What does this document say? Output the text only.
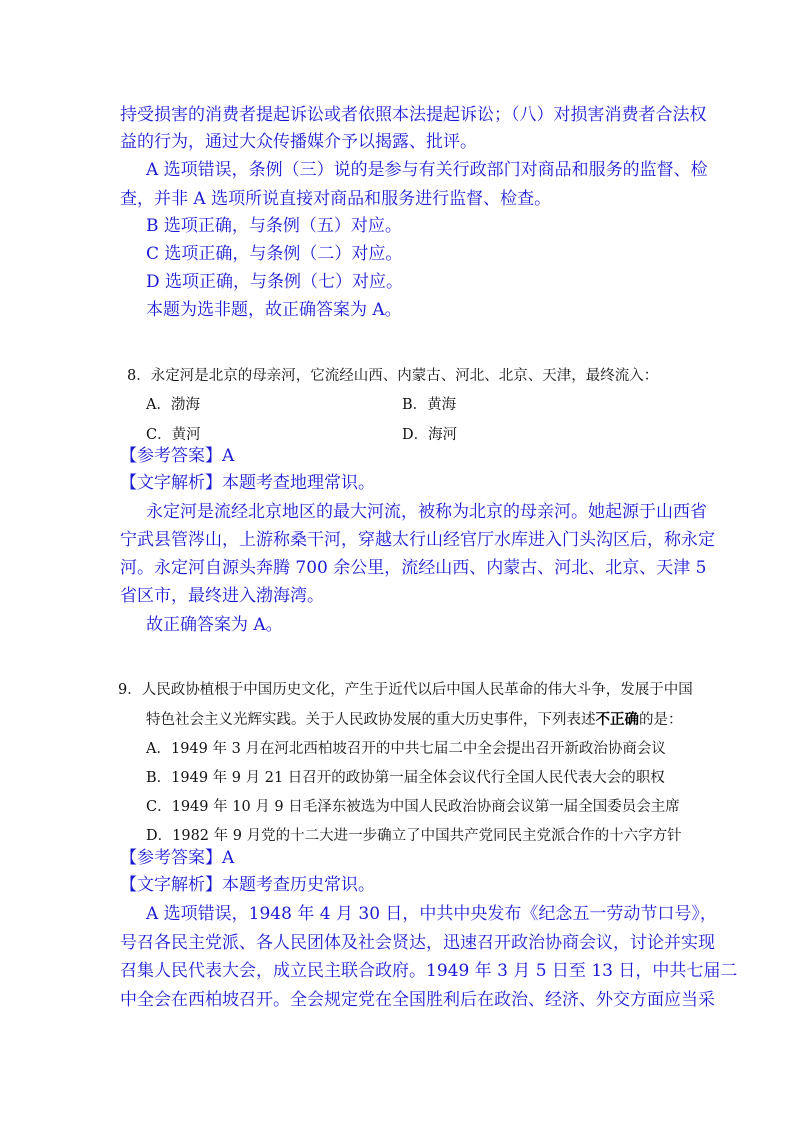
持受损害的消费者提起诉讼或者依照本法提起诉讼；（八）对损害消费者合法权

益的行为，通过大众传播媒介予以揭露、批评。

A 选项错误，条例（三）说的是参与有关行政部门对商品和服务的监督、检

查，并非 A 选项所说直接对商品和服务进行监督、检查。

B 选项正确，与条例（五）对应。

C 选项正确，与条例（二）对应。

D 选项正确，与条例（七）对应。

本题为选非题，故正确答案为 A。

8．永定河是北京的母亲河，它流经山西、内蒙古、河北、北京、天津，最终流入：

A．渤海	B．黄海

C．黄河	D．海河

【参考答案】A

【文字解析】本题考查地理常识。

永定河是流经北京地区的最大河流，被称为北京的母亲河。她起源于山西省

宁武县管涔山，上游称桑干河，穿越太行山经官厅水库进入门头沟区后，称永定

河。永定河自源头奔腾 700 余公里，流经山西、内蒙古、河北、北京、天津 5

省区市，最终进入渤海湾。

故正确答案为 A。

9．人民政协植根于中国历史文化，产生于近代以后中国人民革命的伟大斗争，发展于中国

特色社会主义光辉实践。关于人民政协发展的重大历史事件，下列表述不正确的是：

A．1949 年 3 月在河北西柏坡召开的中共七届二中全会提出召开新政治协商会议

B．1949 年 9 月 21 日召开的政协第一届全体会议代行全国人民代表大会的职权

C．1949 年 10 月 9 日毛泽东被选为中国人民政治协商会议第一届全国委员会主席

D．1982 年 9 月党的十二大进一步确立了中国共产党同民主党派合作的十六字方针

【参考答案】A

【文字解析】本题考查历史常识。

A 选项错误，1948 年 4 月 30 日，中共中央发布《纪念五一劳动节口号》，

号召各民主党派、各人民团体及社会贤达，迅速召开政治协商会议，讨论并实现

召集人民代表大会，成立民主联合政府。1949 年 3 月 5 日至 13 日，中共七届二

中全会在西柏坡召开。全会规定党在全国胜利后在政治、经济、外交方面应当采
